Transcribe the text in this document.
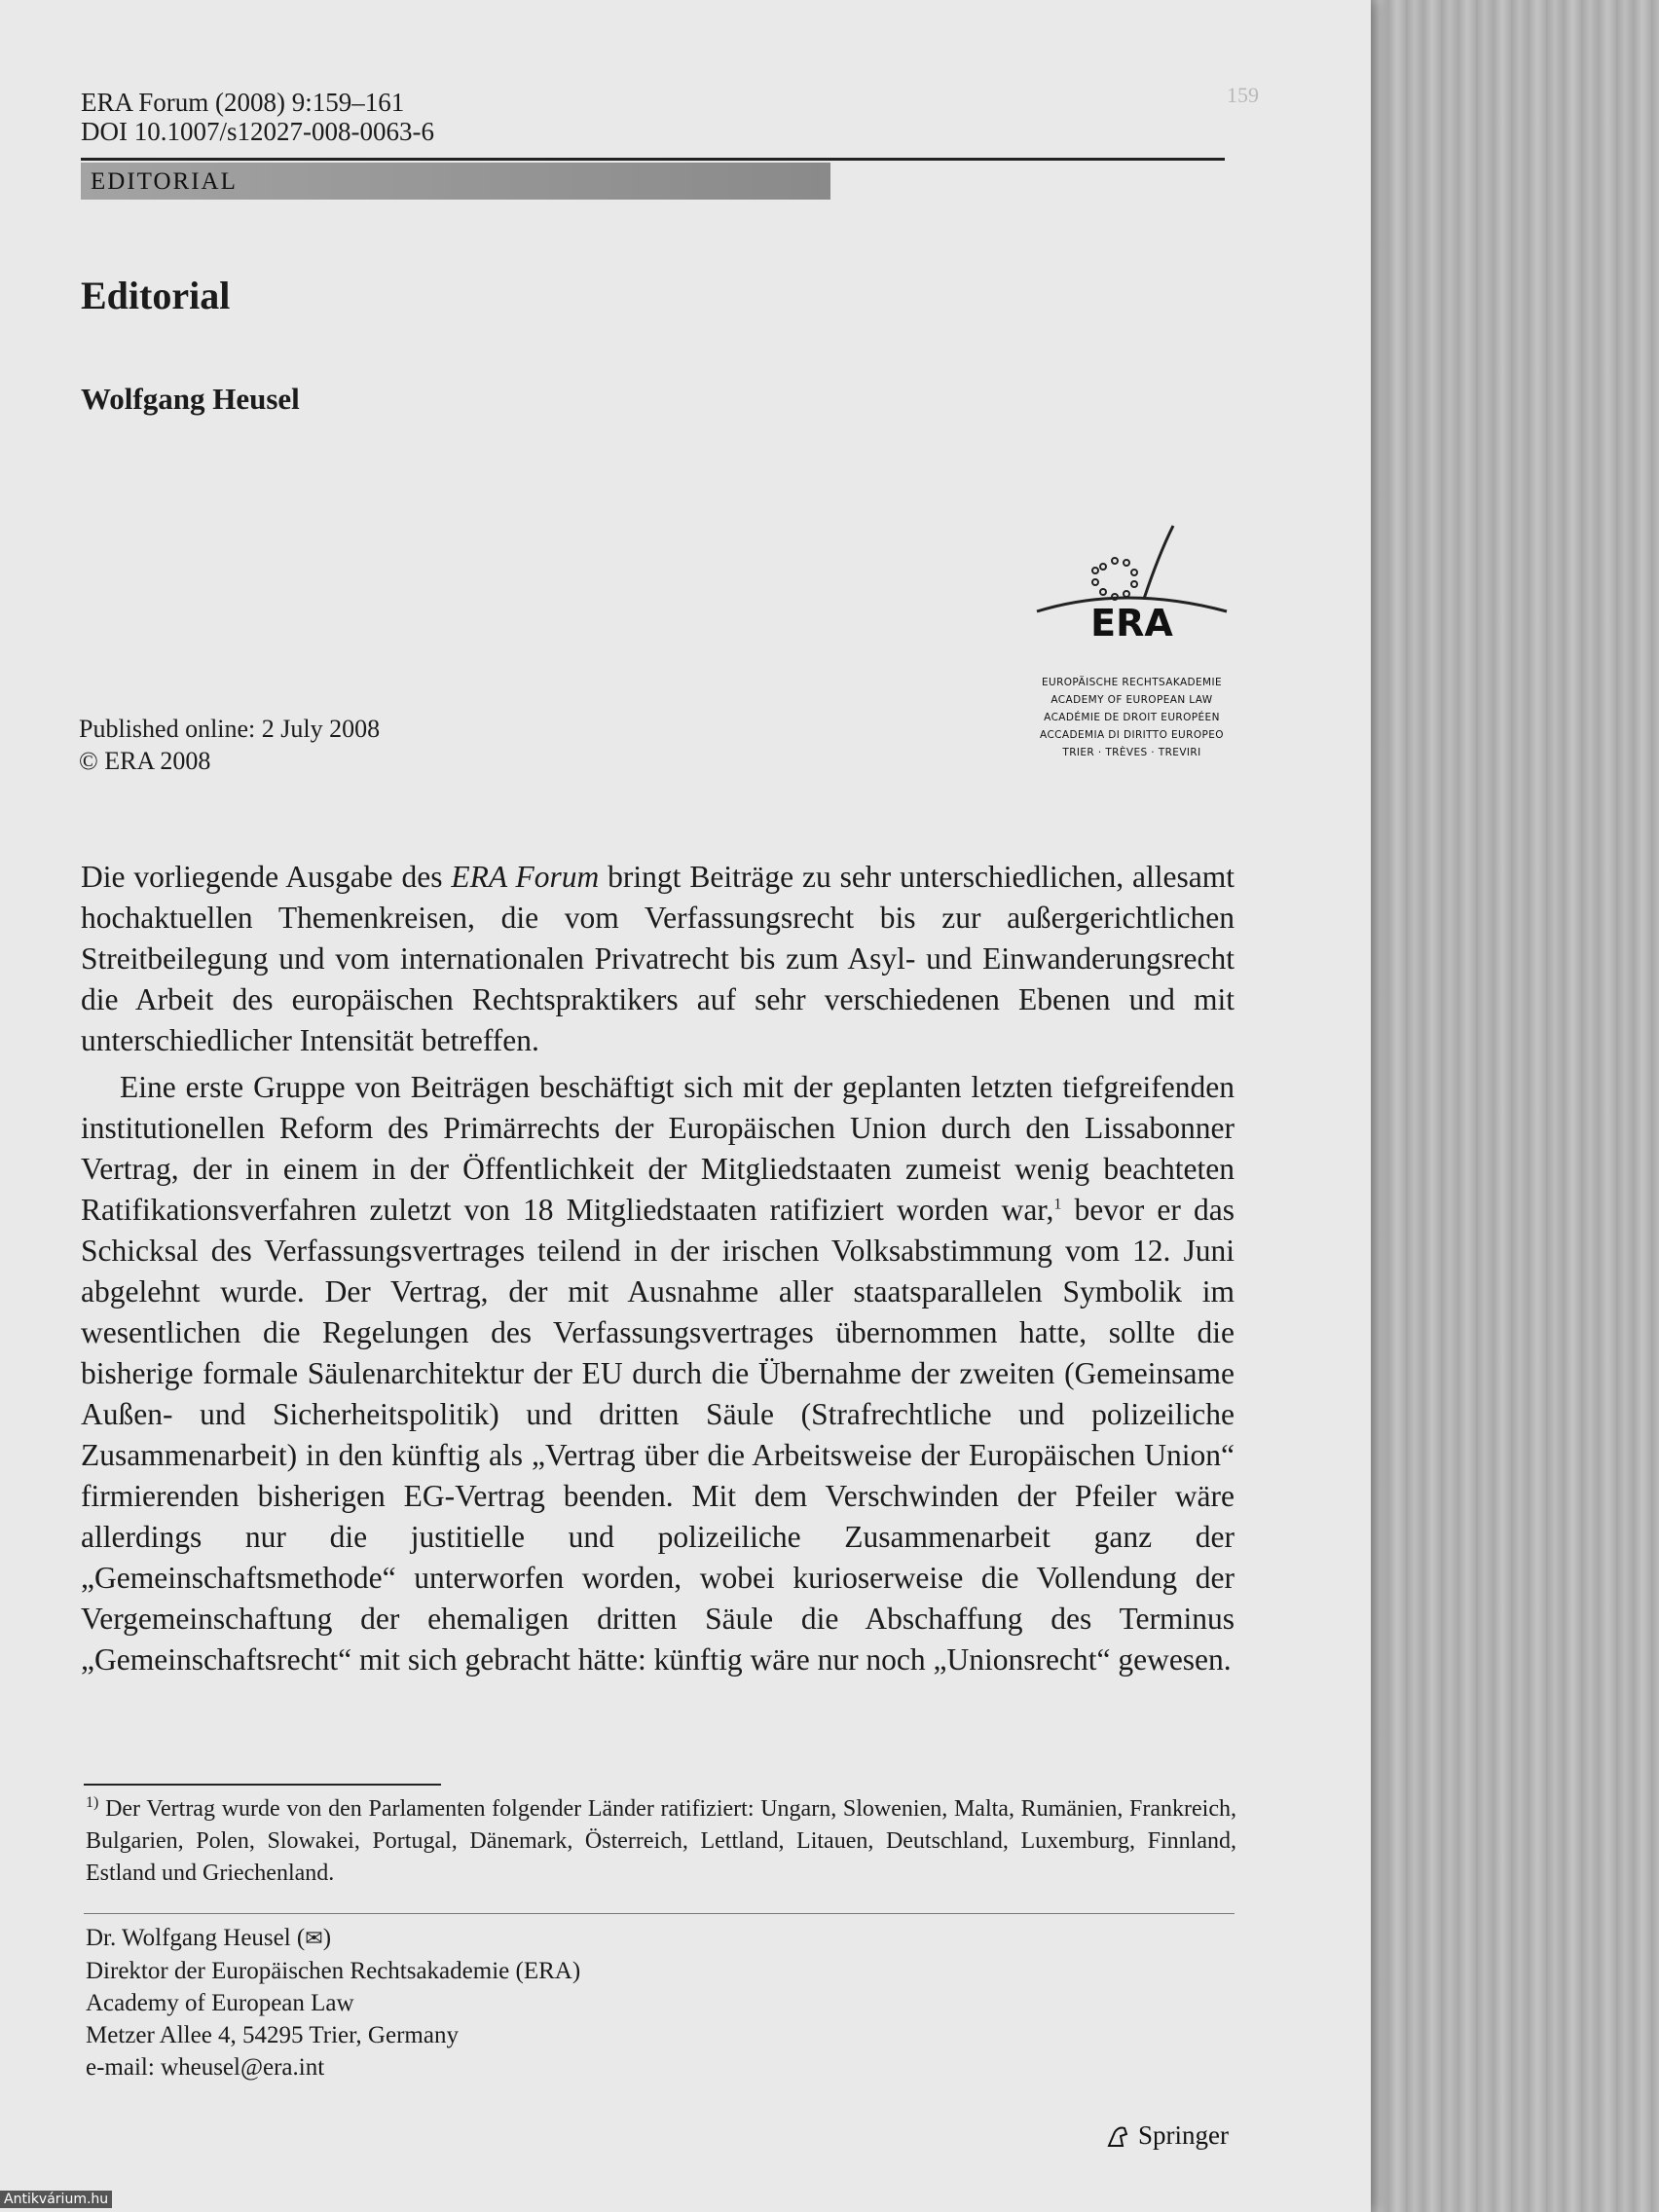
159
ERA Forum (2008) 9:159–161
DOI 10.1007/s12027-008-0063-6
EDITORIAL
Editorial
Wolfgang Heusel
ERA
EUROPÄISCHE RECHTSAKADEMIE
ACADEMY OF EUROPEAN LAW
ACADÉMIE DE DROIT EUROPÉEN
ACCADEMIA DI DIRITTO EUROPEO
TRIER · TRÈVES · TREVIRI
Published online: 2 July 2008
© ERA 2008

Die vorliegende Ausgabe des ERA Forum bringt Beiträge zu sehr unterschiedlichen, allesamt hochaktuellen Themenkreisen, die vom Verfassungsrecht bis zur außergerichtlichen Streitbeilegung und vom internationalen Privatrecht bis zum Asyl- und Einwanderungsrecht die Arbeit des europäischen Rechtspraktikers auf sehr verschiedenen Ebenen und mit unterschiedlicher Intensität betreffen.

Eine erste Gruppe von Beiträgen beschäftigt sich mit der geplanten letzten tiefgreifenden institutionellen Reform des Primärrechts der Europäischen Union durch den Lissabonner Vertrag, der in einem in der Öffentlichkeit der Mitgliedstaaten zumeist wenig beachteten Ratifikationsverfahren zuletzt von 18 Mitgliedstaaten ratifiziert worden war,$^1$ bevor er das Schicksal des Verfassungsvertrages teilend in der irischen Volksabstimmung vom 12. Juni abgelehnt wurde. Der Vertrag, der mit Ausnahme aller staatsparallelen Symbolik im wesentlichen die Regelungen des Verfassungsvertrages übernommen hatte, sollte die bisherige formale Säulenarchitektur der EU durch die Übernahme der zweiten (Gemeinsame Außen- und Sicherheitspolitik) und dritten Säule (Strafrechtliche und polizeiliche Zusammenarbeit) in den künftig als „Vertrag über die Arbeitsweise der Europäischen Union“ firmierenden bisherigen EG-Vertrag beenden. Mit dem Verschwinden der Pfeiler wäre allerdings nur die justitielle und polizeiliche Zusammenarbeit ganz der „Gemeinschaftsmethode“ unterworfen worden, wobei kurioserweise die Vollendung der Vergemeinschaftung der ehemaligen dritten Säule die Abschaffung des Terminus „Gemeinschaftsrecht“ mit sich gebracht hätte: künftig wäre nur noch „Unionsrecht“ gewesen.

$^{1)}$ Der Vertrag wurde von den Parlamenten folgender Länder ratifiziert: Ungarn, Slowenien, Malta, Rumänien, Frankreich, Bulgarien, Polen, Slowakei, Portugal, Dänemark, Österreich, Lettland, Litauen, Deutschland, Luxemburg, Finnland, Estland und Griechenland.
Dr. Wolfgang Heusel (✉)
Direktor der Europäischen Rechtsakademie (ERA)
Academy of European Law
Metzer Allee 4, 54295 Trier, Germany
e-mail: wheusel@era.int
Springer
Antikvárium.hu
